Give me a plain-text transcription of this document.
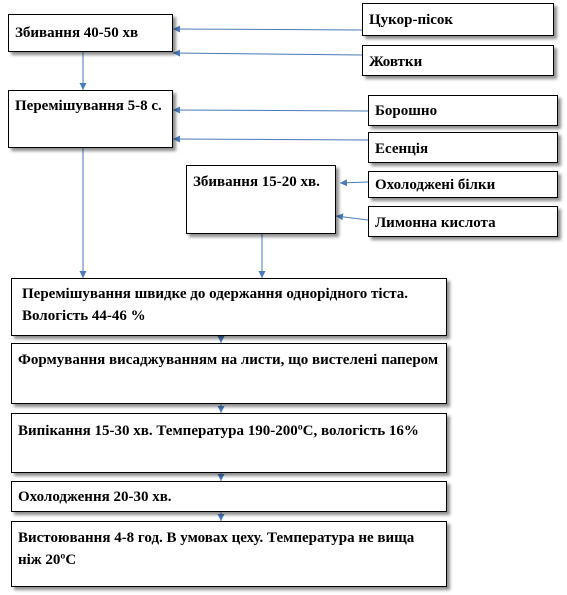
Цукор-пісок
Жовтки
Борошно
Есенція
Охолоджені білки
Лимонна кислота
Збивання 40-50 хв
Перемішування 5-8 с.
Збивання 15-20 хв.
Перемішування швидке до одержання однорідного тіста. Вологість 44-46 %
Формування висаджуванням на листи, що вистелені папером
Випікання 15-30 хв. Температура 190-200ºС, вологість 16%
Охолодження 20-30 хв.
Вистоювання 4-8 год. В умовах цеху. Температура не вища ніж 20ºС
